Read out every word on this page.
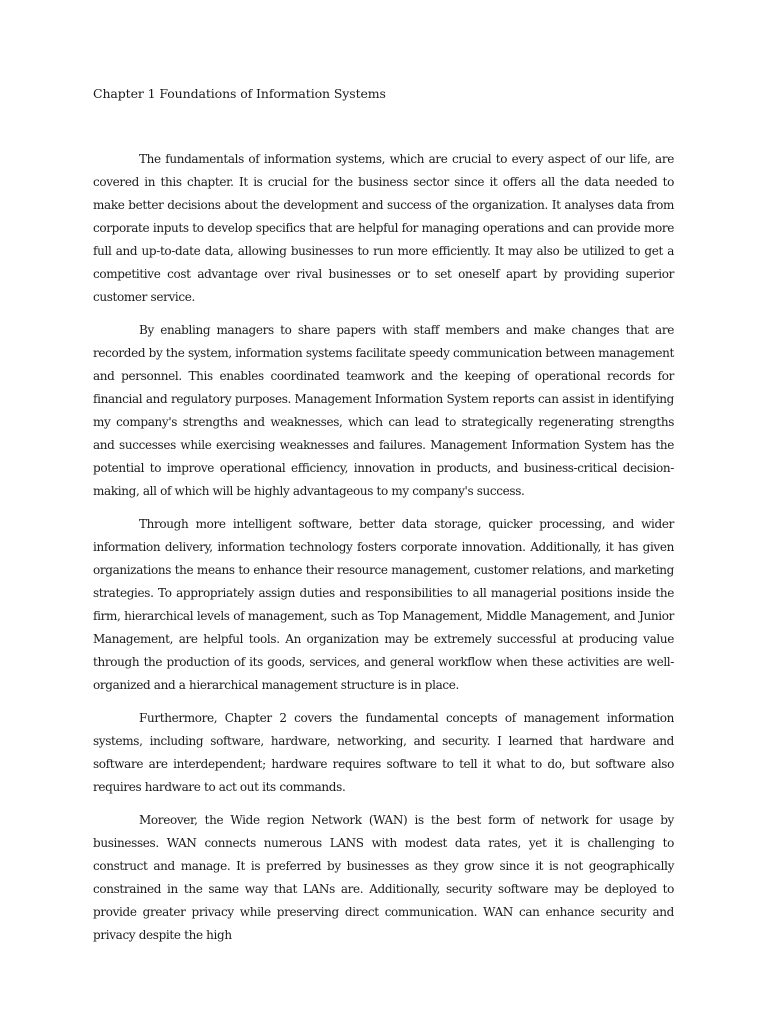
Chapter 1 Foundations of Information Systems

The fundamentals of information systems, which are crucial to every aspect of our life, are covered in this chapter. It is crucial for the business sector since it offers all the data needed to make better decisions about the development and success of the organization. It analyses data from corporate inputs to develop specifics that are helpful for managing operations and can provide more full and up-to-date data, allowing businesses to run more efficiently. It may also be utilized to get a competitive cost advantage over rival businesses or to set oneself apart by providing superior customer service.

By enabling managers to share papers with staff members and make changes that are recorded by the system, information systems facilitate speedy communication between management and personnel. This enables coordinated teamwork and the keeping of operational records for financial and regulatory purposes. Management Information System reports can assist in identifying my company's strengths and weaknesses, which can lead to strategically regenerating strengths and successes while exercising weaknesses and failures. Management Information System has the potential to improve operational efficiency, innovation in products, and business-critical decision-making, all of which will be highly advantageous to my company's success.

Through more intelligent software, better data storage, quicker processing, and wider information delivery, information technology fosters corporate innovation. Additionally, it has given organizations the means to enhance their resource management, customer relations, and marketing strategies. To appropriately assign duties and responsibilities to all managerial positions inside the firm, hierarchical levels of management, such as Top Management, Middle Management, and Junior Management, are helpful tools. An organization may be extremely successful at producing value through the production of its goods, services, and general workflow when these activities are well-organized and a hierarchical management structure is in place.

Furthermore, Chapter 2 covers the fundamental concepts of management information systems, including software, hardware, networking, and security. I learned that hardware and software are interdependent; hardware requires software to tell it what to do, but software also requires hardware to act out its commands.

Moreover, the Wide region Network (WAN) is the best form of network for usage by businesses. WAN connects numerous LANS with modest data rates, yet it is challenging to construct and manage. It is preferred by businesses as they grow since it is not geographically constrained in the same way that LANs are. Additionally, security software may be deployed to provide greater privacy while preserving direct communication. WAN can enhance security and privacy despite the high
